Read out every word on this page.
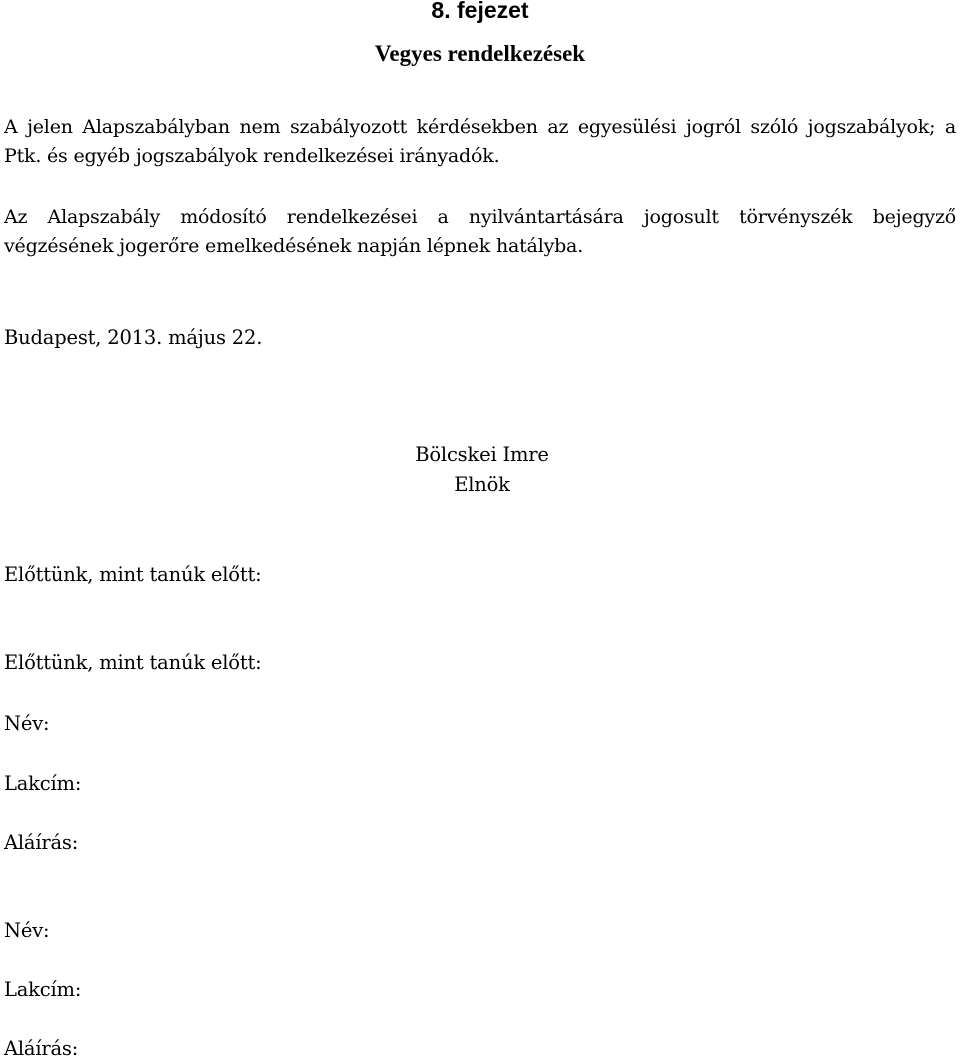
8. fejezet
Vegyes rendelkezések
A jelen Alapszabályban nem szabályozott kérdésekben az egyesülési jogról szóló jogszabályok; a Ptk. és egyéb jogszabályok rendelkezései irányadók.
Az Alapszabály módosító rendelkezései a nyilvántartására jogosult törvényszék bejegyző végzésének jogerőre emelkedésének napján lépnek hatályba.
Budapest, 2013. május 22.
Bölcskei Imre
Elnök
Előttünk, mint tanúk előtt:
Előttünk, mint tanúk előtt:
Név:
Lakcím:
Aláírás:
Név:
Lakcím:
Aláírás:
